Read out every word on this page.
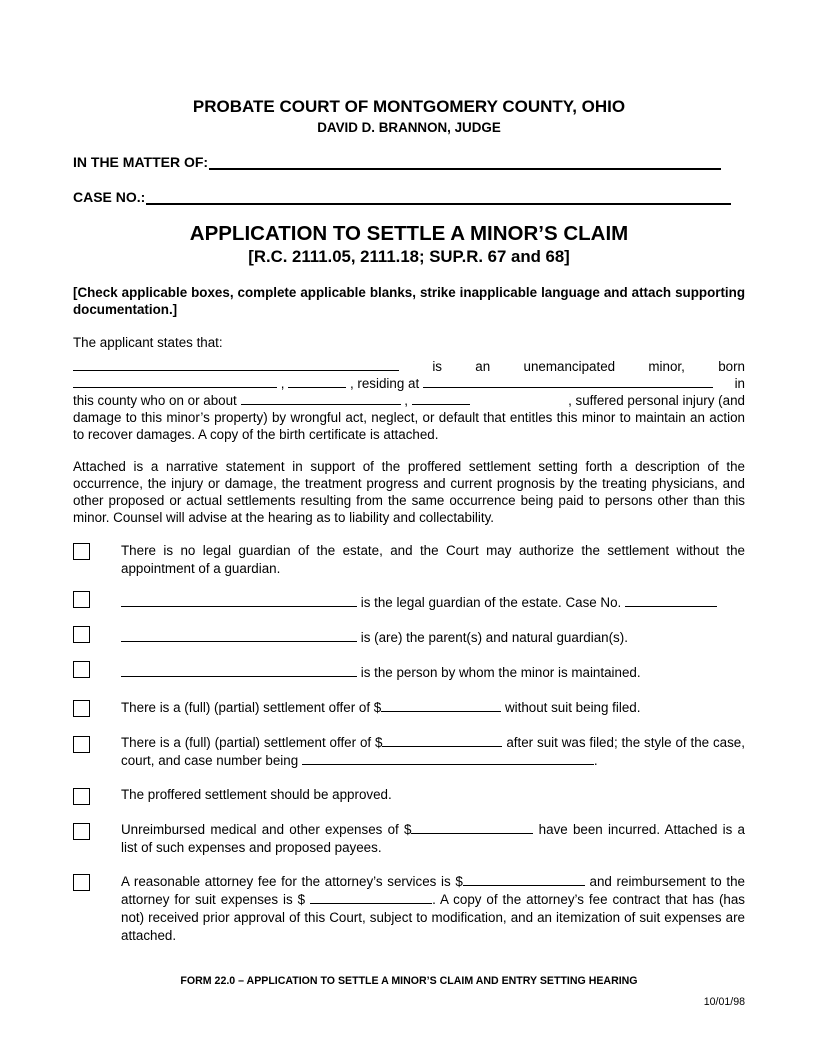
PROBATE COURT OF MONTGOMERY COUNTY, OHIO
DAVID D. BRANNON, JUDGE
IN THE MATTER OF:
CASE NO.:
APPLICATION TO SETTLE A MINOR’S CLAIM
[R.C. 2111.05, 2111.18; SUP.R. 67 and 68]
[Check applicable boxes, complete applicable blanks, strike inapplicable language and attach supporting documentation.]
The applicant states that:
is an unemancipated minor, born
,	, residing at	in
this county who on or about	,	, suffered personal injury (and
damage to this minor’s property) by wrongful act, neglect, or default that entitles this minor to maintain an action to recover damages. A copy of the birth certificate is attached.
Attached is a narrative statement in support of the proffered settlement setting forth a description of the occurrence, the injury or damage, the treatment progress and current prognosis by the treating physicians, and other proposed or actual settlements resulting from the same occurrence being paid to persons other than this minor. Counsel will advise at the hearing as to liability and collectability.
There is no legal guardian of the estate, and the Court may authorize the settlement without the appointment of a guardian.
is the legal guardian of the estate. Case No.
is (are) the parent(s) and natural guardian(s).
is the person by whom the minor is maintained.
There is a (full) (partial) settlement offer of $	without suit being filed.
There is a (full) (partial) settlement offer of $	after suit was filed; the style of the case, court, and case number being	.
The proffered settlement should be approved.
Unreimbursed medical and other expenses of $	have been incurred. Attached is a list of such expenses and proposed payees.
A reasonable attorney fee for the attorney’s services is $	and reimbursement to the attorney for suit expenses is $	. A copy of the attorney’s fee contract that has (has not) received prior approval of this Court, subject to modification, and an itemization of suit expenses are attached.
FORM 22.0 – APPLICATION TO SETTLE A MINOR’S CLAIM AND ENTRY SETTING HEARING
10/01/98
